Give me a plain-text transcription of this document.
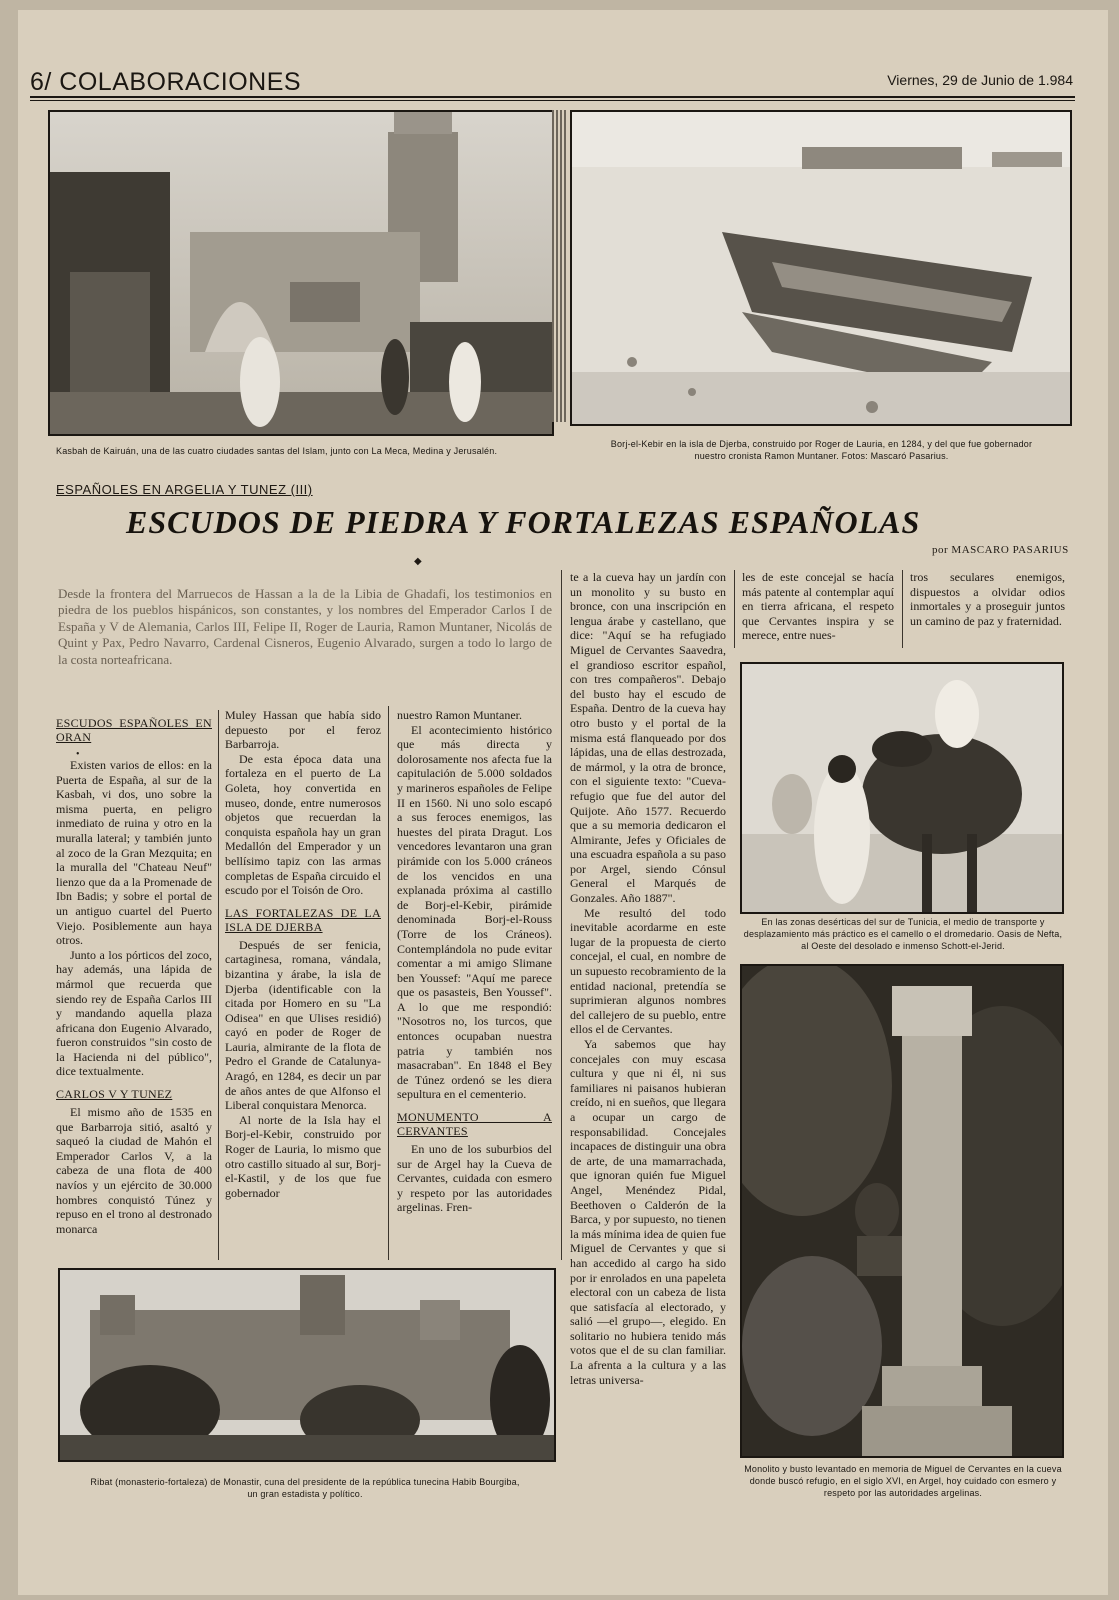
6/ COLABORACIONES	Viernes, 29 de Junio de 1.984
Kasbah de Kairuán, una de las cuatro ciudades santas del Islam, junto con La Meca, Medina y Jerusalén.
Borj-el-Kebir en la isla de Djerba, construido por Roger de Lauria, en 1284, y del que fue gobernador
nuestro cronista Ramon Muntaner. Fotos: Mascaró Pasarius.
ESPAÑOLES EN ARGELIA Y TUNEZ (III)
ESCUDOS DE PIEDRA Y FORTALEZAS ESPAÑOLAS
por MASCARO PASARIUS
◆
Desde la frontera del Marruecos de Hassan a la de la Libia de Ghadafi, los testimonios en piedra de los pueblos hispánicos, son constantes, y los nombres del Emperador Carlos I de España y V de Alemania, Carlos III, Felipe II, Roger de Lauria, Ramon Muntaner, Nicolás de Quint y Pax, Pedro Navarro, Cardenal Cisneros, Eugenio Alvarado, surgen a todo lo largo de la costa norteafricana.
ESCUDOS ESPAÑOLES EN ORAN
•

Existen varios de ellos: en la Puerta de España, al sur de la Kasbah, vi dos, uno sobre la misma puerta, en peligro inmediato de ruina y otro en la muralla lateral; y también junto al zoco de la Gran Mezquita; en la muralla del "Chateau Neuf" lienzo que da a la Promenade de Ibn Badis; y sobre el portal de un antiguo cuartel del Puerto Viejo. Posiblemente aun haya otros.

Junto a los pórticos del zoco, hay además, una lápida de mármol que recuerda que siendo rey de España Carlos III y mandando aquella plaza africana don Eugenio Alvarado, fueron construidos "sin costo de la Hacienda ni del público", dice textualmente.

CARLOS V Y TUNEZ

El mismo año de 1535 en que Barbarroja sitió, asaltó y saqueó la ciudad de Mahón el Emperador Carlos V, a la cabeza de una flota de 400 navíos y un ejército de 30.000 hombres conquistó Túnez y repuso en el trono al destronado monarca

Muley Hassan que había sido depuesto por el feroz Barbarroja.

De esta época data una fortaleza en el puerto de La Goleta, hoy convertida en museo, donde, entre numerosos objetos que recuerdan la conquista española hay un gran Medallón del Emperador y un bellísimo tapiz con las armas completas de España circuido el escudo por el Toisón de Oro.

LAS FORTALEZAS DE LA ISLA DE DJERBA

Después de ser fenicia, cartaginesa, romana, vándala, bizantina y árabe, la isla de Djerba (identificable con la citada por Homero en su "La Odisea" en que Ulises residió) cayó en poder de Roger de Lauria, almirante de la flota de Pedro el Grande de Catalunya-Aragó, en 1284, es decir un par de años antes de que Alfonso el Liberal conquistara Menorca.

Al norte de la Isla hay el Borj-el-Kebir, construido por Roger de Lauria, lo mismo que otro castillo situado al sur, Borj-el-Kastil, y de los que fue gobernador

nuestro Ramon Muntaner.

El acontecimiento histórico que más directa y dolorosamente nos afecta fue la capitulación de 5.000 soldados y marineros españoles de Felipe II en 1560. Ni uno solo escapó a sus feroces enemigos, las huestes del pirata Dragut. Los vencedores levantaron una gran pirámide con los 5.000 cráneos de los vencidos en una explanada próxima al castillo de Borj-el-Kebir, pirámide denominada Borj-el-Rouss (Torre de los Cráneos). Contemplándola no pude evitar comentar a mi amigo Slimane ben Youssef: "Aquí me parece que os pasasteis, Ben Youssef". A lo que me respondió: "Nosotros no, los turcos, que entonces ocupaban nuestra patria y también nos masacraban". En 1848 el Bey de Túnez ordenó se les diera sepultura en el cementerio.

MONUMENTO A CERVANTES

En uno de los suburbios del sur de Argel hay la Cueva de Cervantes, cuidada con esmero y respeto por las autoridades argelinas. Fren-

te a la cueva hay un jardín con un monolito y su busto en bronce, con una inscripción en lengua árabe y castellano, que dice: "Aquí se ha refugiado Miguel de Cervantes Saavedra, el grandioso escritor español, con tres compañeros". Debajo del busto hay el escudo de España. Dentro de la cueva hay otro busto y el portal de la misma está flanqueado por dos lápidas, una de ellas destrozada, de mármol, y la otra de bronce, con el siguiente texto: "Cueva-refugio que fue del autor del Quijote. Año 1577. Recuerdo que a su memoria dedicaron el Almirante, Jefes y Oficiales de una escuadra española a su paso por Argel, siendo Cónsul General el Marqués de Gonzales. Año 1887".

Me resultó del todo inevitable acordarme en este lugar de la propuesta de cierto concejal, el cual, en nombre de un supuesto recobramiento de la entidad nacional, pretendía se suprimieran algunos nombres del callejero de su pueblo, entre ellos el de Cervantes.

Ya sabemos que hay concejales con muy escasa cultura y que ni él, ni sus familiares ni paisanos hubieran creído, ni en sueños, que llegara a ocupar un cargo de responsabilidad. Concejales incapaces de distinguir una obra de arte, de una mamarrachada, que ignoran quién fue Miguel Angel, Menéndez Pidal, Beethoven o Calderón de la Barca, y por supuesto, no tienen la más mínima idea de quien fue Miguel de Cervantes y que si han accedido al cargo ha sido por ir enrolados en una papeleta electoral con un cabeza de lista que satisfacía al electorado, y salió —el grupo—, elegido. En solitario no hubiera tenido más votos que el de su clan familiar. La afrenta a la cultura y a las letras universa-

les de este concejal se hacía más patente al contemplar aquí en tierra africana, el respeto que Cervantes inspira y se merece, entre nues-

tros seculares enemigos, dispuestos a olvidar odios inmortales y a proseguir juntos un camino de paz y fraternidad.

En las zonas desérticas del sur de Tunicia, el medio de transporte y desplazamiento más práctico es el camello o el dromedario. Oasis de Nefta, al Oeste del desolado e inmenso Schott-el-Jerid.
Monolito y busto levantado en memoria de Miguel de Cervantes en la cueva donde buscó refugio, en el siglo XVI, en Argel, hoy cuidado con esmero y respeto por las autoridades argelinas.
Ribat (monasterio-fortaleza) de Monastir, cuna del presidente de la república tunecina Habib Bourgiba,
un gran estadista y político.
